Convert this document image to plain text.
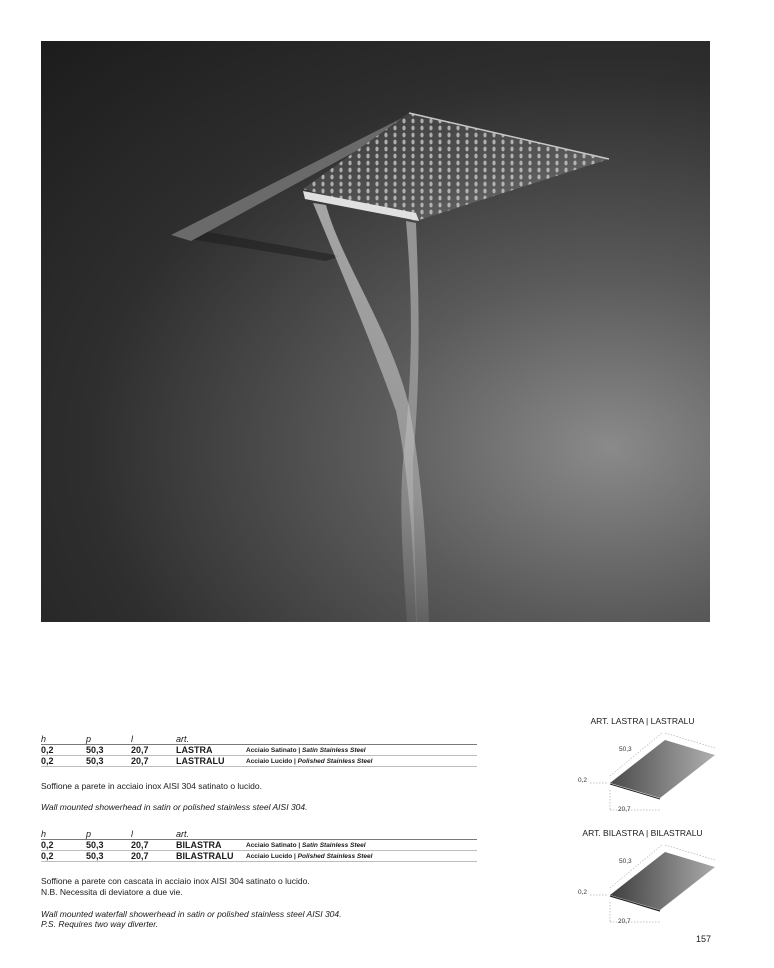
h	p	l	art.
0,2	50,3	20,7	LASTRA	Acciaio Satinato | Satin Stainless Steel
0,2	50,3	20,7	LASTRALU	Acciaio Lucido | Polished Stainless Steel
Soffione a parete in acciaio inox AISI 304 satinato o lucido.
Wall mounted showerhead in satin or polished stainless steel AISI 304.
h	p	l	art.
0,2	50,3	20,7	BILASTRA	Acciaio Satinato | Satin Stainless Steel
0,2	50,3	20,7	BILASTRALU Acciaio Lucido | Polished Stainless Steel
Soffione a parete con cascata in acciaio inox AISI 304 satinato o lucido.
N.B. Necessita di deviatore a due vie.
Wall mounted waterfall showerhead in satin or polished stainless steel AISI 304.
P.S. Requires two way diverter.
ART. LASTRA | LASTRALU
50,3
0,2
20,7
ART. BILASTRA | BILASTRALU
50,3
0,2
20,7
157
